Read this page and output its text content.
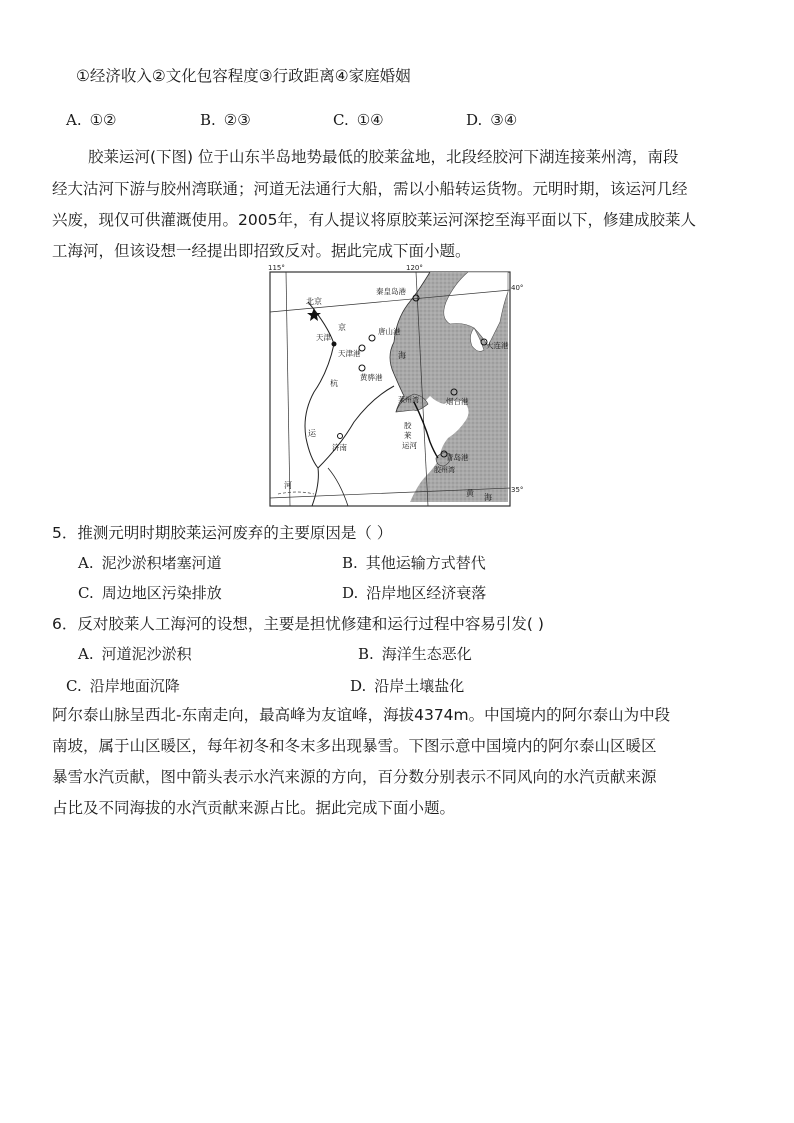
①经济收入②文化包容程度③行政距离④家庭婚姻
A. ①②	B. ②③	C. ①④	D. ③④
胶莱运河(下图) 位于山东半岛地势最低的胶莱盆地，北段经胶河下湖连接莱州湾，南段
经大沽河下游与胶州湾联通；河道无法通行大船，需以小船转运货物。元明时期，该运河几经
兴废，现仅可供灌溉使用。2005年，有人提议将原胶莱运河深挖至海平面以下，修建成胶莱人
工海河，但该设想一经提出即招致反对。据此完成下面小题。
115°	120°
40°
35°
北京
秦皇岛港
天津
唐山港
天津港
黄骅港
大连港
烟台港
济南
青岛港
胶州湾
莱州湾
胶
莱
运河
京
杭
运
河
海
黄 海
5．推测元明时期胶莱运河废弃的主要原因是（ ）
A. 泥沙淤积堵塞河道	B. 其他运输方式替代
C. 周边地区污染排放	D. 沿岸地区经济衰落
6．反对胶莱人工海河的设想，主要是担忧修建和运行过程中容易引发( )
A. 河道泥沙淤积	B. 海洋生态恶化
C. 沿岸地面沉降	D. 沿岸土壤盐化
阿尔泰山脉呈西北-东南走向，最高峰为友谊峰，海拔4374m。中国境内的阿尔泰山为中段
南坡，属于山区暖区，每年初冬和冬末多出现暴雪。下图示意中国境内的阿尔泰山区暖区
暴雪水汽贡献，图中箭头表示水汽来源的方向，百分数分别表示不同风向的水汽贡献来源
占比及不同海拔的水汽贡献来源占比。据此完成下面小题。
